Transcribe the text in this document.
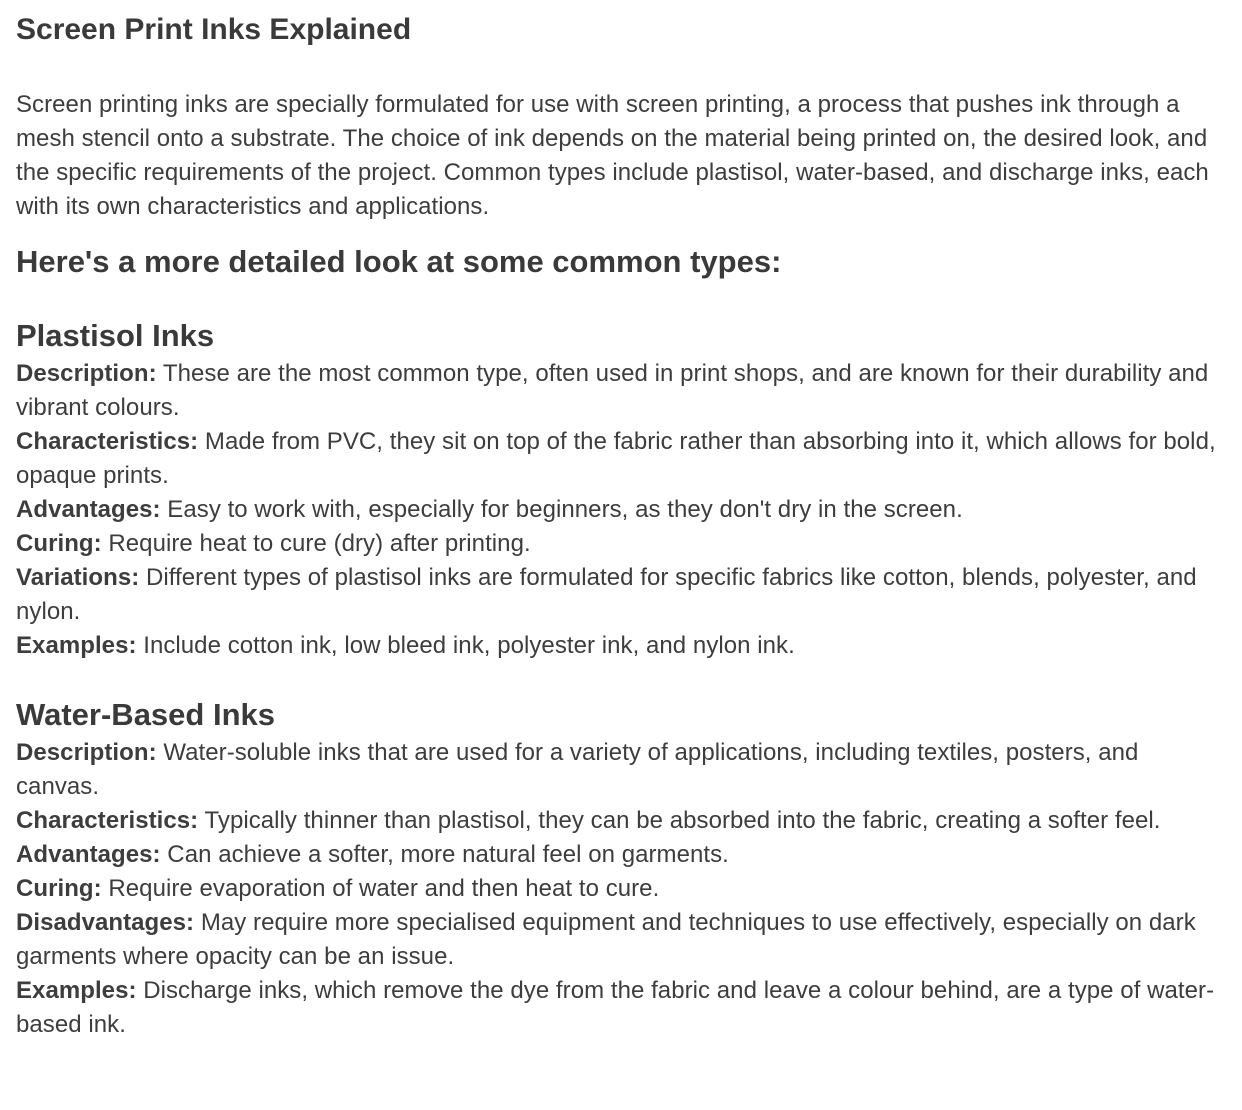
Screen Print Inks Explained

Screen printing inks are specially formulated for use with screen printing, a process that pushes ink through a mesh stencil onto a substrate. The choice of ink depends on the material being printed on, the desired look, and the specific requirements of the project. Common types include plastisol, water-based, and discharge inks, each with its own characteristics and applications.

Here's a more detailed look at some common types:
Plastisol Inks

Description: These are the most common type, often used in print shops, and are known for their durability and vibrant colours.

Characteristics: Made from PVC, they sit on top of the fabric rather than absorbing into it, which allows for bold, opaque prints.

Advantages: Easy to work with, especially for beginners, as they don't dry in the screen.

Curing: Require heat to cure (dry) after printing.

Variations: Different types of plastisol inks are formulated for specific fabrics like cotton, blends, polyester, and nylon.

Examples: Include cotton ink, low bleed ink, polyester ink, and nylon ink.

Water-Based Inks

Description: Water-soluble inks that are used for a variety of applications, including textiles, posters, and canvas.

Characteristics: Typically thinner than plastisol, they can be absorbed into the fabric, creating a softer feel.

Advantages: Can achieve a softer, more natural feel on garments.

Curing: Require evaporation of water and then heat to cure.

Disadvantages: May require more specialised equipment and techniques to use effectively, especially on dark garments where opacity can be an issue.

Examples: Discharge inks, which remove the dye from the fabric and leave a colour behind, are a type of water-based ink.
